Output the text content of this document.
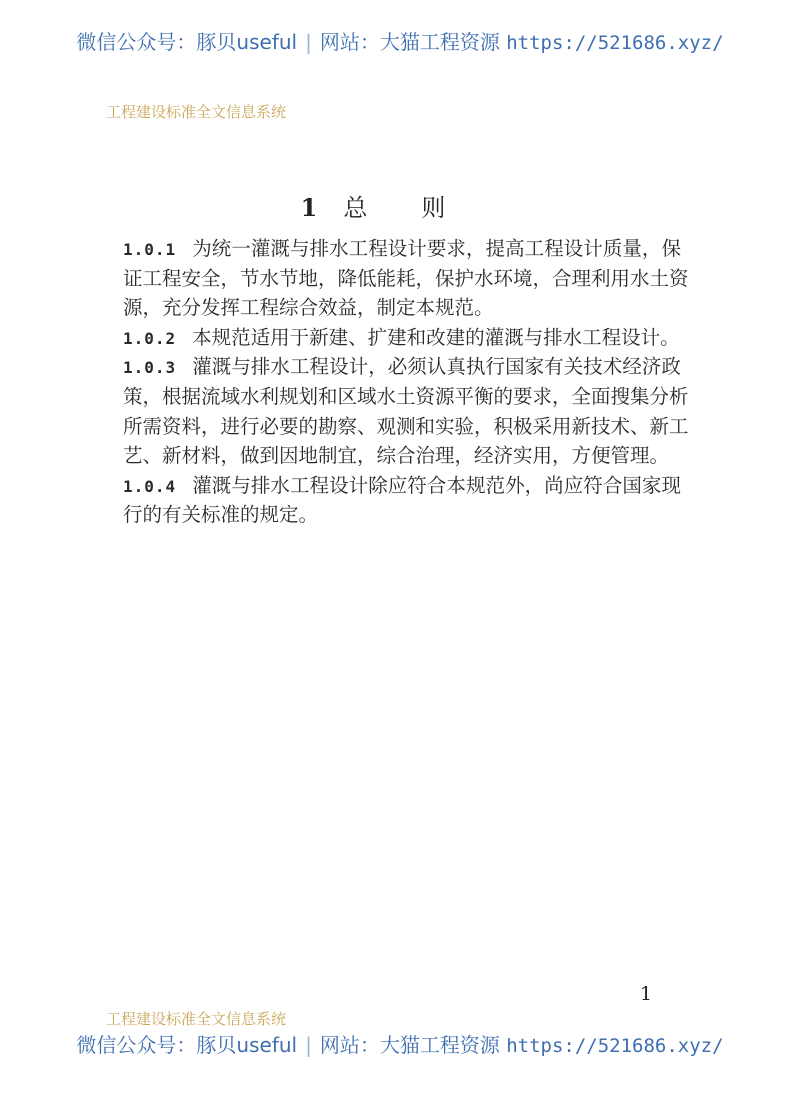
微信公众号：豚贝useful | 网站：大猫工程资源 https://521686.xyz/
工程建设标准全文信息系统
1 总则
1.0.1 为统一灌溉与排水工程设计要求，提高工程设计质量，保
证工程安全，节水节地，降低能耗，保护水环境，合理利用水土资
源，充分发挥工程综合效益，制定本规范。
1.0.2 本规范适用于新建、扩建和改建的灌溉与排水工程设计。
1.0.3 灌溉与排水工程设计，必须认真执行国家有关技术经济政
策，根据流域水利规划和区域水土资源平衡的要求，全面搜集分析
所需资料，进行必要的勘察、观测和实验，积极采用新技术、新工
艺、新材料，做到因地制宜，综合治理，经济实用，方便管理。
1.0.4 灌溉与排水工程设计除应符合本规范外，尚应符合国家现
行的有关标准的规定。
1
工程建设标准全文信息系统
微信公众号：豚贝useful | 网站：大猫工程资源 https://521686.xyz/
